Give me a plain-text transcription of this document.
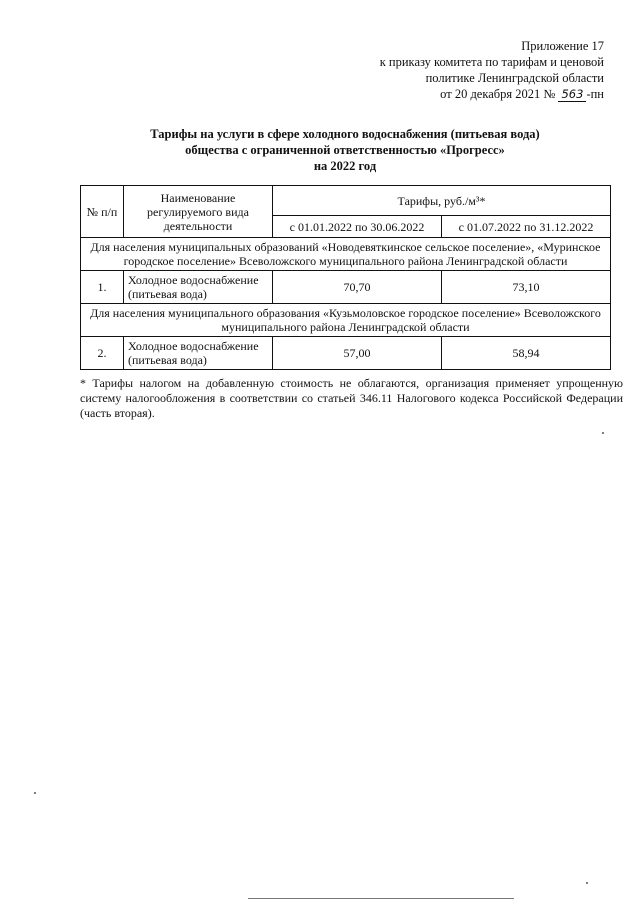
Приложение 17
к приказу комитета по тарифам и ценовой
политике Ленинградской области
от 20 декабря 2021 № 563 -пн
Тарифы на услуги в сфере холодного водоснабжения (питьевая вода)
общества с ограниченной ответственностью «Прогресс»
на 2022 год
№ п/п	Наименование регулируемого вида деятельности	Тарифы, руб./м³*	
		с 01.01.2022 по 30.06.2022	с 01.07.2022 по 31.12.2022
Для населения муниципальных образований «Новодевяткинское сельское поселение», «Муринское городское поселение» Всеволожского муниципального района Ленинградской области			
1.	Холодное водоснабжение (питьевая вода)	70,70	73,10
Для населения муниципального образования «Кузьмоловское городское поселение» Всеволожского муниципального района Ленинградской области			
2.	Холодное водоснабжение (питьевая вода)	57,00	58,94
* Тарифы налогом на добавленную стоимость не облагаются, организация применяет упрощенную систему налогообложения в соответствии со статьей 346.11 Налогового кодекса Российской Федерации (часть вторая).
